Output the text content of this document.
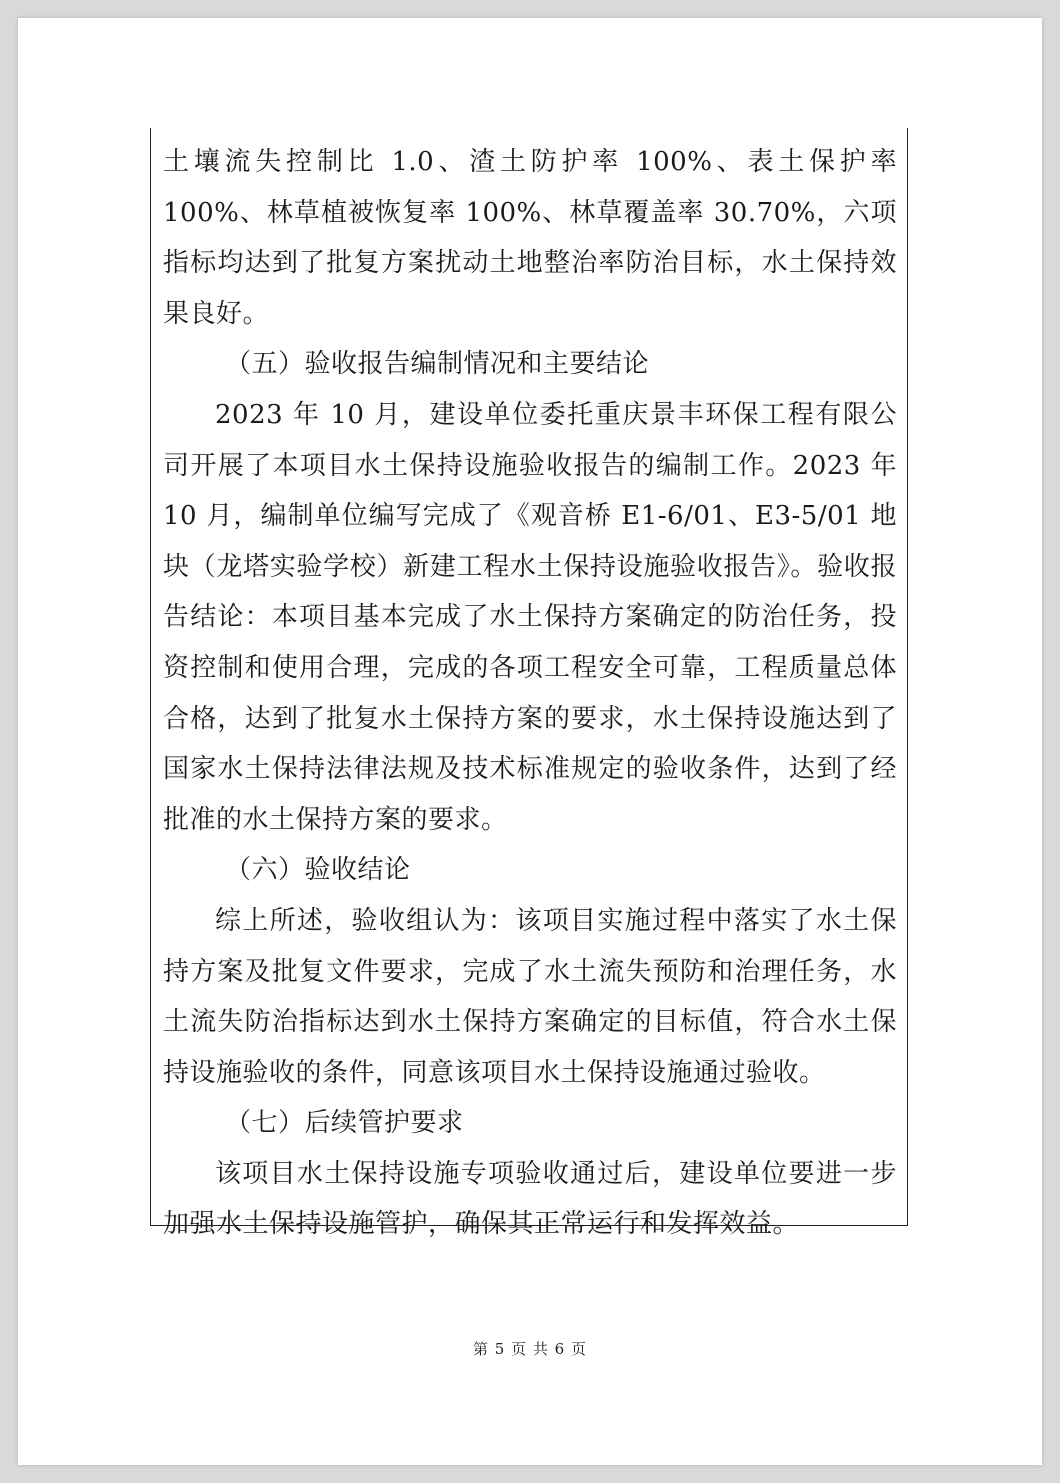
土壤流失控制比 1.0、渣土防护率 100%、表土保护率 100%、林草植被恢复率 100%、林草覆盖率 30.70%，六项指标均达到了批复方案扰动土地整治率防治目标，水土保持效果良好。

（五）验收报告编制情况和主要结论

2023 年 10 月，建设单位委托重庆景丰环保工程有限公司开展了本项目水土保持设施验收报告的编制工作。2023 年 10 月，编制单位编写完成了《观音桥 E1-6/01、E3-5/01 地块（龙塔实验学校）新建工程水土保持设施验收报告》。验收报告结论：本项目基本完成了水土保持方案确定的防治任务，投资控制和使用合理，完成的各项工程安全可靠，工程质量总体合格，达到了批复水土保持方案的要求，水土保持设施达到了国家水土保持法律法规及技术标准规定的验收条件，达到了经批准的水土保持方案的要求。

（六）验收结论

综上所述，验收组认为：该项目实施过程中落实了水土保持方案及批复文件要求，完成了水土流失预防和治理任务，水土流失防治指标达到水土保持方案确定的目标值，符合水土保持设施验收的条件，同意该项目水土保持设施通过验收。

（七）后续管护要求

该项目水土保持设施专项验收通过后，建设单位要进一步加强水土保持设施管护，确保其正常运行和发挥效益。

第 5 页 共 6 页
